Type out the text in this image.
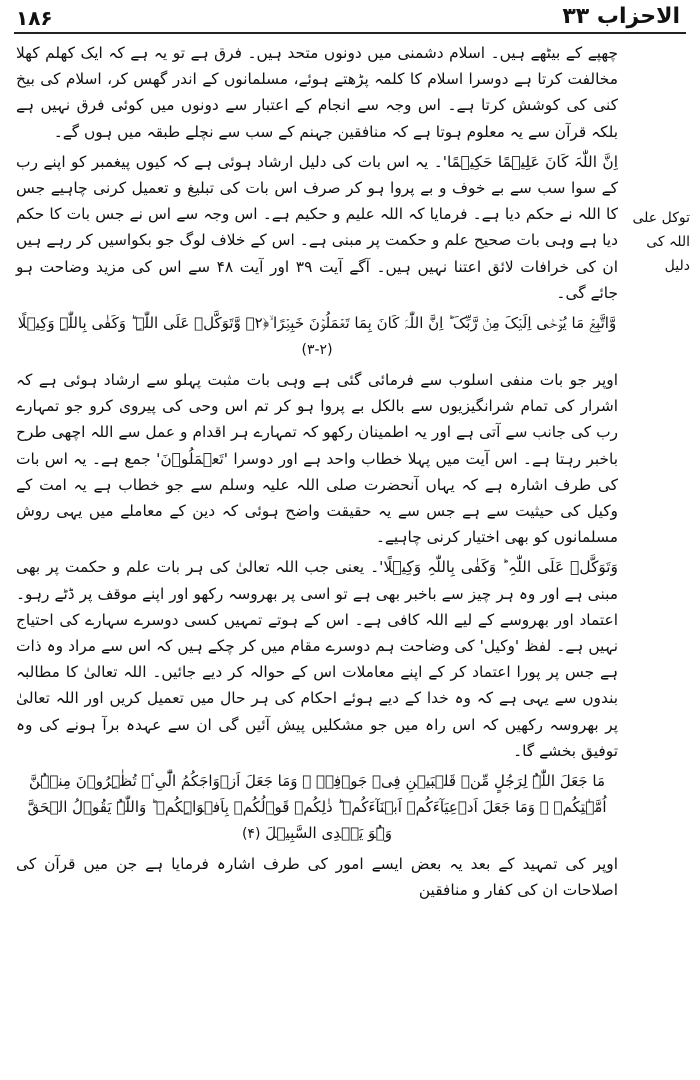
۱۸۶	الاحزاب ۳۳
توکل علی اللہ کی دلیل

چھپے کے بیٹھے ہیں۔ اسلام دشمنی میں دونوں متحد ہیں۔ فرق ہے تو یہ ہے کہ ایک کھلم کھلا مخالفت کرتا ہے دوسرا اسلام کا کلمہ پڑھتے ہوئے، مسلمانوں کے اندر گھس کر، اسلام کی بیخ کنی کی کوشش کرتا ہے۔ اس وجہ سے انجام کے اعتبار سے دونوں میں کوئی فرق نہیں ہے بلکہ قرآن سے یہ معلوم ہوتا ہے کہ منافقین جہنم کے سب سے نچلے طبقہ میں ہوں گے۔

اِنَّ اللّٰہَ کَانَ عَلِیۡمًا حَکِیۡمًا'۔ یہ اس بات کی دلیل ارشاد ہوئی ہے کہ کیوں پیغمبر کو اپنے رب کے سوا سب سے بے خوف و بے پروا ہو کر صرف اس بات کی تبلیغ و تعمیل کرنی چاہیے جس کا اللہ نے حکم دیا ہے۔ فرمایا کہ اللہ علیم و حکیم ہے۔ اس وجہ سے اس نے جس بات کا حکم دیا ہے وہی بات صحیح علم و حکمت پر مبنی ہے۔ اس کے خلاف لوگ جو بکواسیں کر رہے ہیں ان کی خرافات لائق اعتنا نہیں ہیں۔ آگے آیت ۳۹ اور آیت ۴۸ سے اس کی مزید وضاحت ہو جائے گی۔

وَّاتَّبِعۡ مَا یُوۡحٰۤی اِلَیۡکَ مِنۡ رَّبِّکَ ؕ اِنَّ اللّٰہَ کَانَ بِمَا تَعۡمَلُوۡنَ خَبِیۡرًا ۙ﴿۲﴾ وَّتَوَکَّلۡ عَلَی اللّٰہِ ؕ وَکَفٰی بِاللّٰہِ وَکِیۡلًا (۲-۳)

اوپر جو بات منفی اسلوب سے فرمائی گئی ہے وہی بات مثبت پہلو سے ارشاد ہوئی ہے کہ اشرار کی تمام شرانگیزیوں سے بالکل بے پروا ہو کر تم اس وحی کی پیروی کرو جو تمہارے رب کی جانب سے آتی ہے اور یہ اطمینان رکھو کہ تمہارے ہر اقدام و عمل سے اللہ اچھی طرح باخبر رہتا ہے۔ اس آیت میں پہلا خطاب واحد ہے اور دوسرا 'تَعۡمَلُوۡنَ' جمع ہے۔ یہ اس بات کی طرف اشارہ ہے کہ یہاں آنحضرت صلی اللہ علیہ وسلم سے جو خطاب ہے یہ امت کے وکیل کی حیثیت سے ہے جس سے یہ حقیقت واضح ہوئی کہ دین کے معاملے میں یہی روش مسلمانوں کو بھی اختیار کرنی چاہیے۔

وَتَوَکَّلۡ عَلَی اللّٰہِ ؕ وَکَفٰی بِاللّٰہِ وَکِیۡلًا'۔ یعنی جب اللہ تعالیٰ کی ہر بات علم و حکمت پر بھی مبنی ہے اور وہ ہر چیز سے باخبر بھی ہے تو اسی پر بھروسہ رکھو اور اپنے موقف پر ڈٹے رہو۔ اعتماد اور بھروسے کے لیے اللہ کافی ہے۔ اس کے ہوتے تمہیں کسی دوسرے سہارے کی احتیاج نہیں ہے۔ لفظ 'وکیل' کی وضاحت ہم دوسرے مقام میں کر چکے ہیں کہ اس سے مراد وہ ذات ہے جس پر پورا اعتماد کر کے اپنے معاملات اس کے حوالہ کر دیے جائیں۔ اللہ تعالیٰ کا مطالبہ بندوں سے یہی ہے کہ وہ خدا کے دیے ہوئے احکام کی ہر حال میں تعمیل کریں اور اللہ تعالیٰ پر بھروسہ رکھیں کہ اس راہ میں جو مشکلیں پیش آئیں گی ان سے عہدہ برآ ہونے کی وہ توفیق بخشے گا۔

مَا جَعَلَ اللّٰہُ لِرَجُلٍ مِّنۡ قَلۡبَیۡنِ فِیۡ جَوۡفِہٖ ۚ وَمَا جَعَلَ اَزۡوَاجَکُمُ الّٰٓیِٴۡ تُظٰہِرُوۡنَ مِنۡہُنَّ اُمَّہٰتِکُمۡ ۚ وَمَا جَعَلَ اَدۡعِیَآءَکُمۡ اَبۡنَآءَکُمۡ ؕ ذٰلِکُمۡ قَوۡلُکُمۡ بِاَفۡوَاہِکُمۡ ؕ وَاللّٰہُ یَقُوۡلُ الۡحَقَّ وَہُوَ یَہۡدِی السَّبِیۡلَ (۴)

اوپر کی تمہید کے بعد یہ بعض ایسے امور کی طرف اشارہ فرمایا ہے جن میں قرآن کی اصلاحات ان کی کفار و منافقین
